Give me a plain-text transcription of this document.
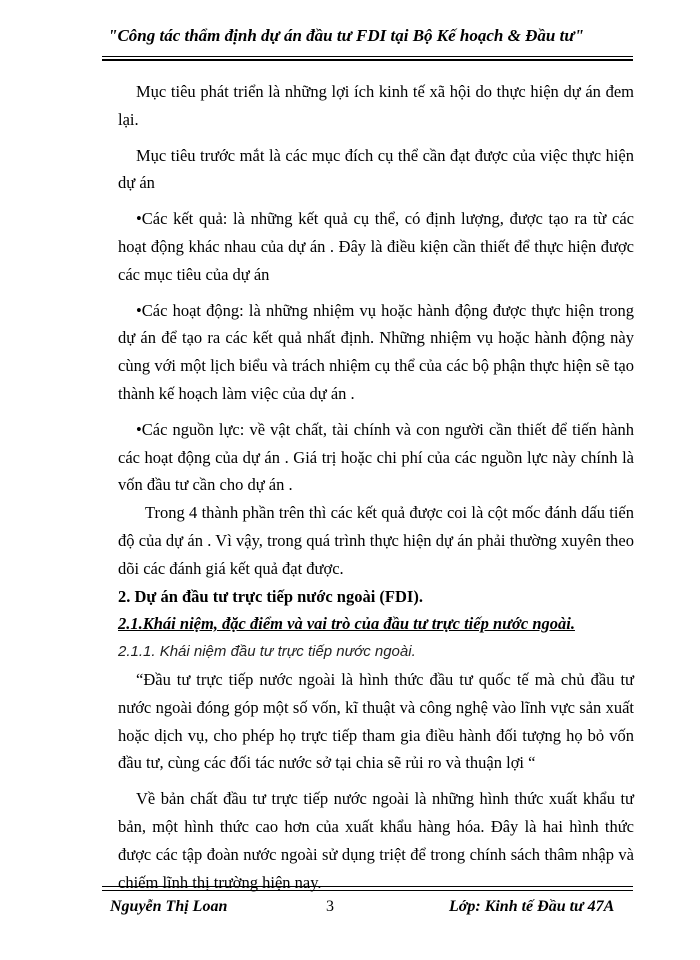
"Công tác thẩm định dự án đầu tư FDI tại Bộ Kế hoạch & Đầu tư"

Mục tiêu phát triển là những lợi ích kinh tế xã hội do thực hiện dự án đem lại.

Mục tiêu trước mắt là các mục đích cụ thể cần đạt được của việc thực hiện dự án

• Các kết quả: là những kết quả cụ thể, có định lượng, được tạo ra từ các hoạt động khác nhau của dự án . Đây là điều kiện cần thiết để thực hiện được các mục tiêu của dự án

• Các hoạt động: là những nhiệm vụ hoặc hành động được thực hiện trong dự án để tạo ra các kết quả nhất định. Những nhiệm vụ hoặc hành động này cùng với một lịch biểu và trách nhiệm cụ thể của các bộ phận thực hiện sẽ tạo thành kế hoạch làm việc của dự án .

• Các nguồn lực: về vật chất, tài chính và con người cần thiết để tiến hành các hoạt động của dự án . Giá trị hoặc chi phí của các nguồn lực này chính là vốn đầu tư cần cho dự án .

Trong 4 thành phần trên thì các kết quả được coi là cột mốc đánh dấu tiến độ của dự án . Vì vậy, trong quá trình thực hiện dự án phải thường xuyên theo dõi các đánh giá kết quả đạt được.

2. Dự án đầu tư trực tiếp nước ngoài (FDI).

2.1.Khái niệm, đặc điểm và vai trò của đầu tư trực tiếp nước ngoài.

2.1.1. Khái niệm đầu tư trực tiếp nước ngoài.

“Đầu tư trực tiếp nước ngoài là hình thức đầu tư quốc tế mà chủ đầu tư nước ngoài đóng góp một số vốn, kĩ thuật và công nghệ vào lĩnh vực sản xuất hoặc dịch vụ, cho phép họ trực tiếp tham gia điều hành đối tượng họ bỏ vốn đầu tư, cùng các đối tác nước sở tại chia sẽ rủi ro và thuận lợi “

Về bản chất đầu tư trực tiếp nước ngoài là những hình thức xuất khẩu tư bản, một hình thức cao hơn của xuất khẩu hàng hóa. Đây là hai hình thức được các tập đoàn nước ngoài sử dụng triệt để trong chính sách thâm nhập và chiếm lĩnh thị trường hiện nay.

Nguyễn Thị Loan	3	Lớp: Kinh tế Đầu tư 47A
